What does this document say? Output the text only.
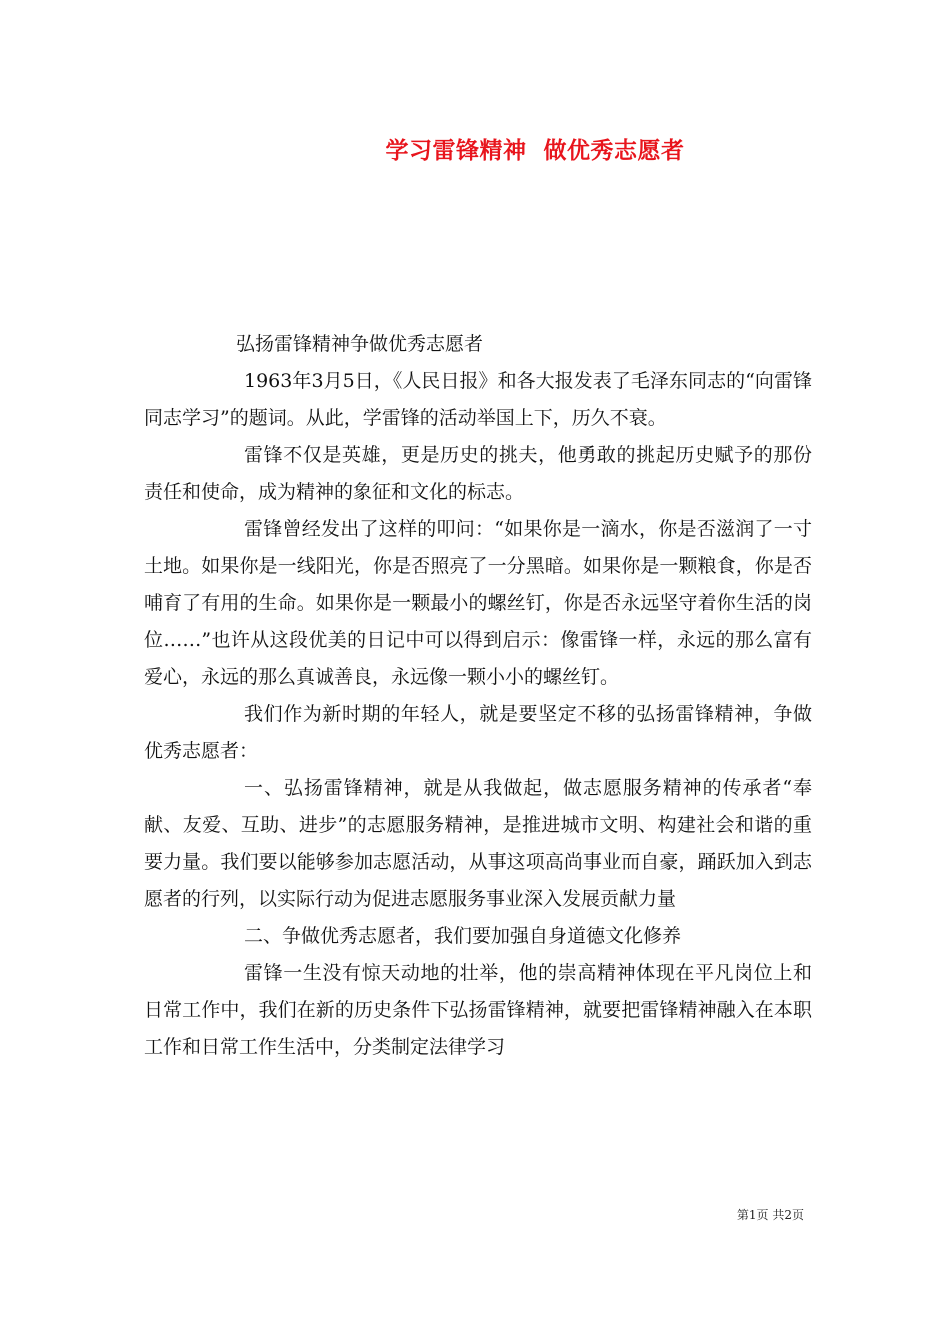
学习雷锋精神  做优秀志愿者

弘扬雷锋精神争做优秀志愿者

1963年3月5日，《人民日报》和各大报发表了毛泽东同志的“向雷锋同志学习”的题词。从此，学雷锋的活动举国上下，历久不衰。

雷锋不仅是英雄，更是历史的挑夫，他勇敢的挑起历史赋予的那份责任和使命，成为精神的象征和文化的标志。

雷锋曾经发出了这样的叩问：“如果你是一滴水，你是否滋润了一寸土地。如果你是一线阳光，你是否照亮了一分黑暗。如果你是一颗粮食，你是否哺育了有用的生命。如果你是一颗最小的螺丝钉，你是否永远坚守着你生活的岗位……”也许从这段优美的日记中可以得到启示：像雷锋一样，永远的那么富有爱心，永远的那么真诚善良，永远像一颗小小的螺丝钉。

我们作为新时期的年轻人，就是要坚定不移的弘扬雷锋精神，争做优秀志愿者：

一、弘扬雷锋精神，就是从我做起，做志愿服务精神的传承者“奉献、友爱、互助、进步”的志愿服务精神，是推进城市文明、构建社会和谐的重要力量。我们要以能够参加志愿活动，从事这项高尚事业而自豪，踊跃加入到志愿者的行列，以实际行动为促进志愿服务事业深入发展贡献力量

二、争做优秀志愿者，我们要加强自身道德文化修养

雷锋一生没有惊天动地的壮举，他的崇高精神体现在平凡岗位上和日常工作中，我们在新的历史条件下弘扬雷锋精神，就要把雷锋精神融入在本职工作和日常工作生活中，分类制定法律学习

第1页 共2页
